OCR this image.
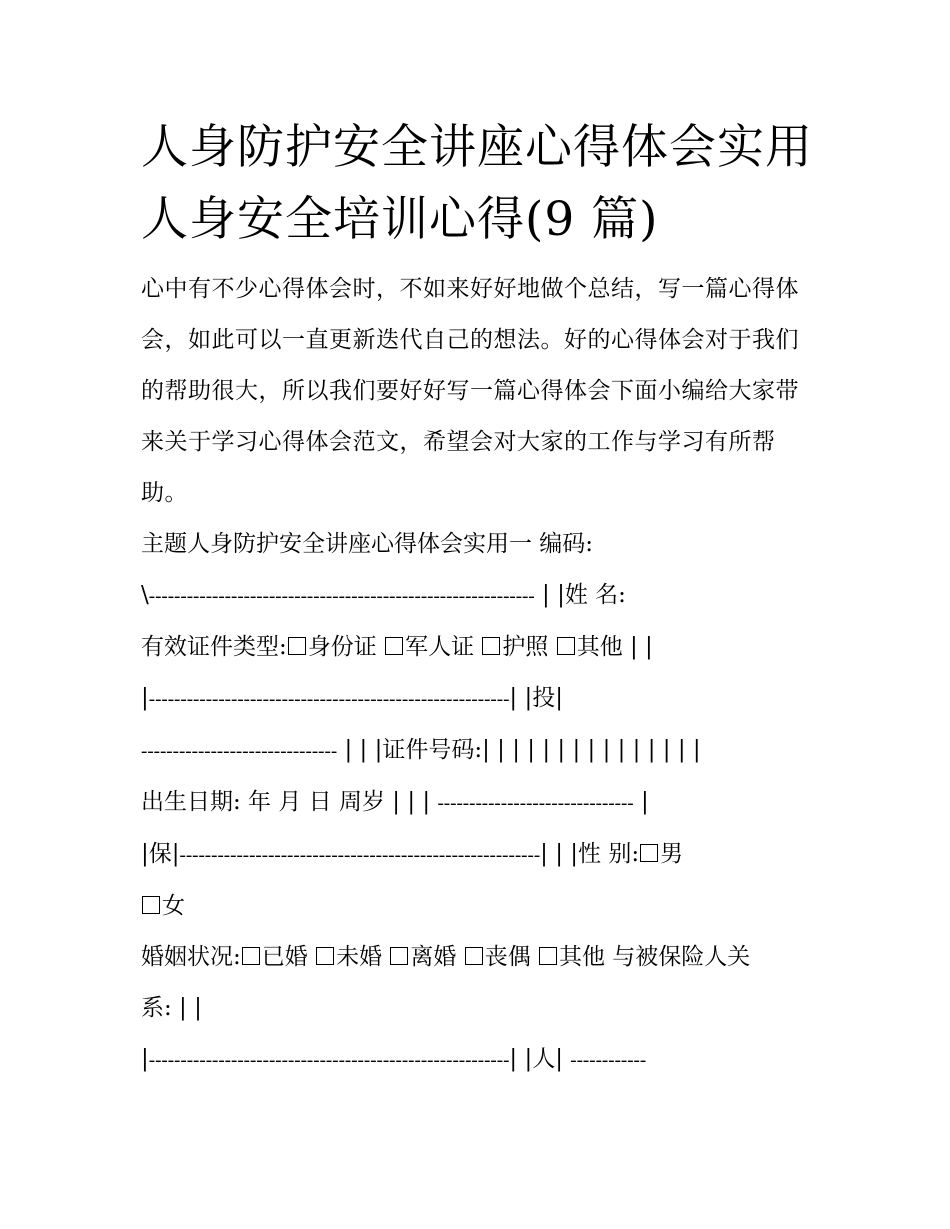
人身防护安全讲座心得体会实用 人身安全培训心得(9 篇)

心中有不少心得体会时，不如来好好地做个总结，写一篇心得体会，如此可以一直更新迭代自己的想法。好的心得体会对于我们的帮助很大，所以我们要好好写一篇心得体会下面小编给大家带来关于学习心得体会范文，希望会对大家的工作与学习有所帮助。

主题人身防护安全讲座心得体会实用一 编码:
\------------------------------------------------------------- | |姓 名:
有效证件类型: 身份证 军人证 护照 其他 | |
|---------------------------------------------------------| |投|
------------------------------- | | |证件号码:| | | | | | | | | | | | | | |
出生日期: 年 月 日 周岁 | | | ------------------------------- |
|保|---------------------------------------------------------| | |性 别: 男
女
婚姻状况: 已婚 未婚 离婚 丧偶 其他 与被保险人关
系: | |
|---------------------------------------------------------| |人| ------------
